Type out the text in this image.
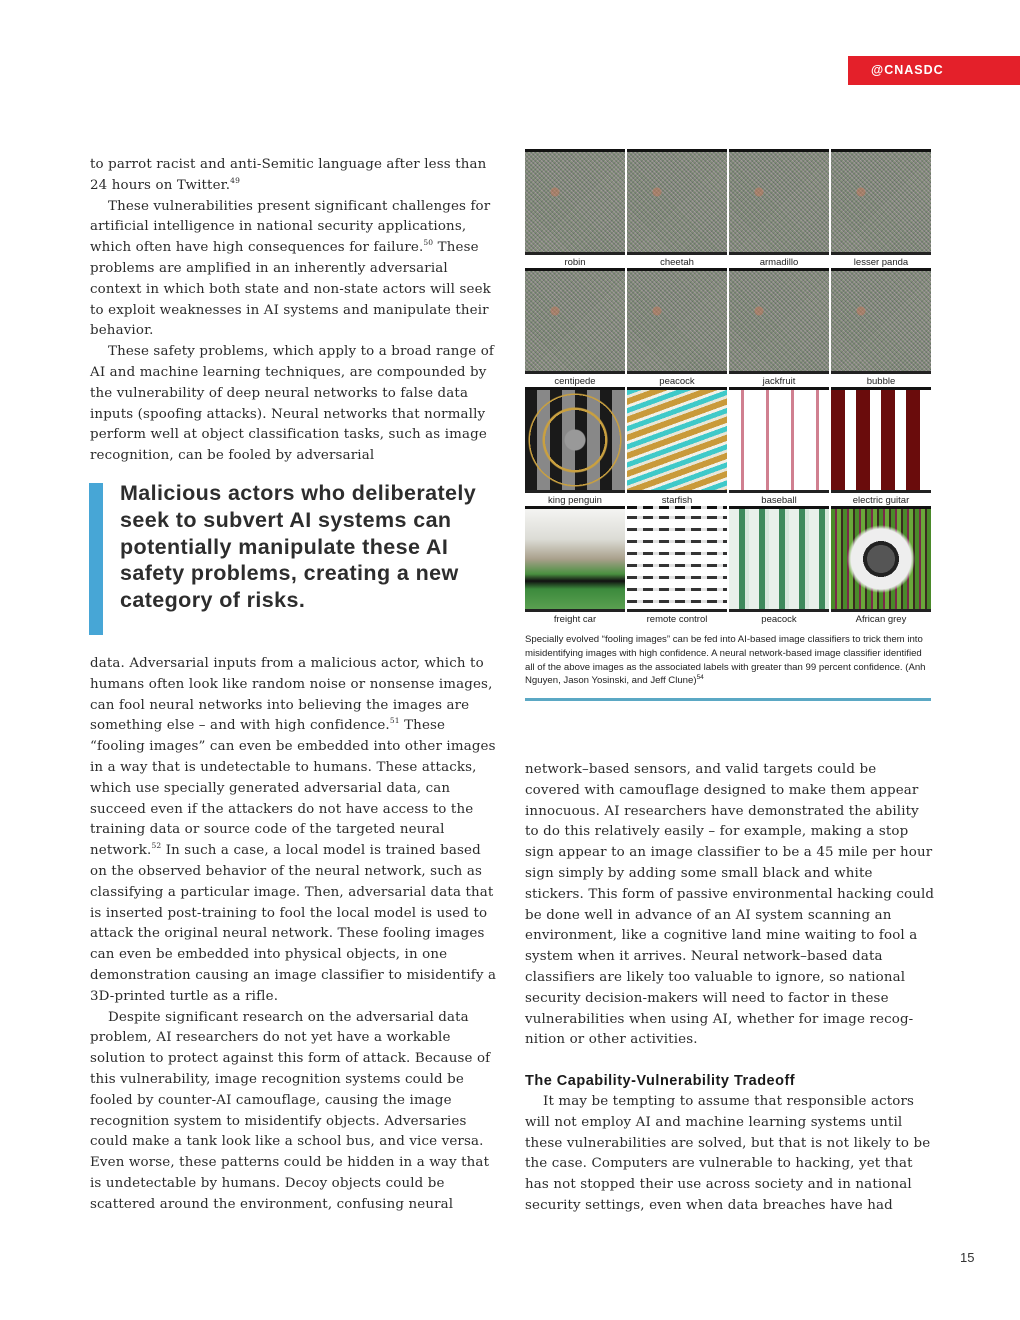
@CNASDC

to parrot racist and anti-Semitic language after less than 24 hours on Twitter.$^{49}$

These vulnerabilities present significant challenges for artificial intelligence in national security applications, which often have high consequences for failure.$^{50}$ These problems are amplified in an inherently adversarial context in which both state and non-state actors will seek to exploit weaknesses in AI systems and manipulate their behavior.

These safety problems, which apply to a broad range of AI and machine learning techniques, are compounded by the vulnerability of deep neural networks to false data inputs (spoofing attacks). Neural networks that normally perform well at object classification tasks, such as image recognition, can be fooled by adversarial

Malicious actors who deliberately seek to subvert AI systems can potentially manipulate these AI safety problems, creating a new category of risks.

data. Adversarial inputs from a malicious actor, which to humans often look like random noise or nonsense images, can fool neural networks into believing the images are something else – and with high confidence.$^{51}$ These “fooling images” can even be embedded into other images in a way that is undetectable to humans. These attacks, which use specially generated adversarial data, can succeed even if the attackers do not have access to the training data or source code of the targeted neural network.$^{52}$ In such a case, a local model is trained based on the observed behavior of the neural network, such as classifying a particular image. Then, adversarial data that is inserted post-training to fool the local model is used to attack the original neural network. These fooling images can even be embedded into physical objects, in one demonstration causing an image classifier to misidentify a 3D-printed turtle as a rifle.

Despite significant research on the adversarial data problem, AI researchers do not yet have a workable solution to protect against this form of attack. Because of this vulnerability, image recognition systems could be fooled by counter-AI camouflage, causing the image recognition system to misidentify objects. Adversaries could make a tank look like a school bus, and vice versa. Even worse, these patterns could be hidden in a way that is undetectable by humans. Decoy objects could be scattered around the environment, confusing neural

robin	cheetah	armadillo	lesser panda
centipede	peacock	jackfruit	bubble
king penguin	starfish	baseball	electric guitar
freight car	remote control	peacock	African grey
Specially evolved “fooling images” can be fed into AI-based image classifiers to trick them into misidentifying images with high confidence. A neural network-based image classifier identified all of the above images as the associated labels with greater than 99 percent confidence. (Anh Nguyen, Jason Yosinski, and Jeff Clune)$^{54}$

network–based sensors, and valid targets could be covered with camouflage designed to make them appear innocuous. AI researchers have demonstrated the ability to do this relatively easily – for example, making a stop sign appear to an image classifier to be a 45 mile per hour sign simply by adding some small black and white stickers. This form of passive environmental hacking could be done well in advance of an AI system scanning an environment, like a cognitive land mine waiting to fool a system when it arrives. Neural network–based data classifiers are likely too valuable to ignore, so national security decision-makers will need to factor in these vulnerabilities when using AI, whether for image recog-nition or other activities.

The Capability-Vulnerability Tradeoff

It may be tempting to assume that responsible actors will not employ AI and machine learning systems until these vulnerabilities are solved, but that is not likely to be the case. Computers are vulnerable to hacking, yet that has not stopped their use across society and in national security settings, even when data breaches have had

15
